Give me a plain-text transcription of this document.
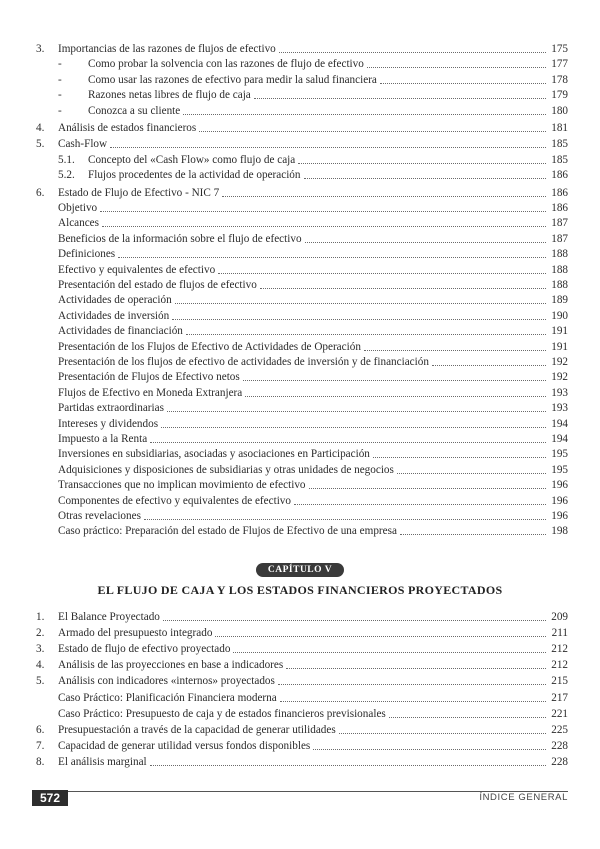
3.	Importancias de las razones de flujos de efectivo	175
-	Como probar la solvencia con las razones de flujo de efectivo	177
-	Como usar las razones de efectivo para medir la salud financiera	178
-	Razones netas libres de flujo de caja	179
-	Conozca a su cliente	180
4.	Análisis de estados financieros	181
5.	Cash-Flow	185
5.1.	Concepto del «Cash Flow» como flujo de caja	185
5.2.	Flujos procedentes de la actividad de operación	186
6.	Estado de Flujo de Efectivo - NIC 7	186
Objetivo	186
Alcances	187
Beneficios de la información sobre el flujo de efectivo	187
Definiciones	188
Efectivo y equivalentes de efectivo	188
Presentación del estado de flujos de efectivo	188
Actividades de operación	189
Actividades de inversión	190
Actividades de financiación	191
Presentación de los Flujos de Efectivo de Actividades de Operación	191
Presentación de los flujos de efectivo de actividades de inversión y de financiación	192
Presentación de Flujos de Efectivo netos	192
Flujos de Efectivo en Moneda Extranjera	193
Partidas extraordinarias	193
Intereses y dividendos	194
Impuesto a la Renta	194
Inversiones en subsidiarias, asociadas y asociaciones en Participación	195
Adquisiciones y disposiciones de subsidiarias y otras unidades de negocios	195
Transacciones que no implican movimiento de efectivo	196
Componentes de efectivo y equivalentes de efectivo	196
Otras revelaciones	196
Caso práctico: Preparación del estado de Flujos de Efectivo de una empresa	198
CAPÍTULO V
EL FLUJO DE CAJA Y LOS ESTADOS FINANCIEROS PROYECTADOS
1.	El Balance Proyectado	209
2.	Armado del presupuesto integrado	211
3.	Estado de flujo de efectivo proyectado	212
4.	Análisis de las proyecciones en base a indicadores	212
5.	Análisis con indicadores «internos» proyectados	215
Caso Práctico: Planificación Financiera moderna	217
Caso Práctico: Presupuesto de caja y de estados financieros previsionales	221
6.	Presupuestación a través de la capacidad de generar utilidades	225
7.	Capacidad de generar utilidad versus fondos disponibles	228
8.	El análisis marginal	228
572	ÍNDICE GENERAL
